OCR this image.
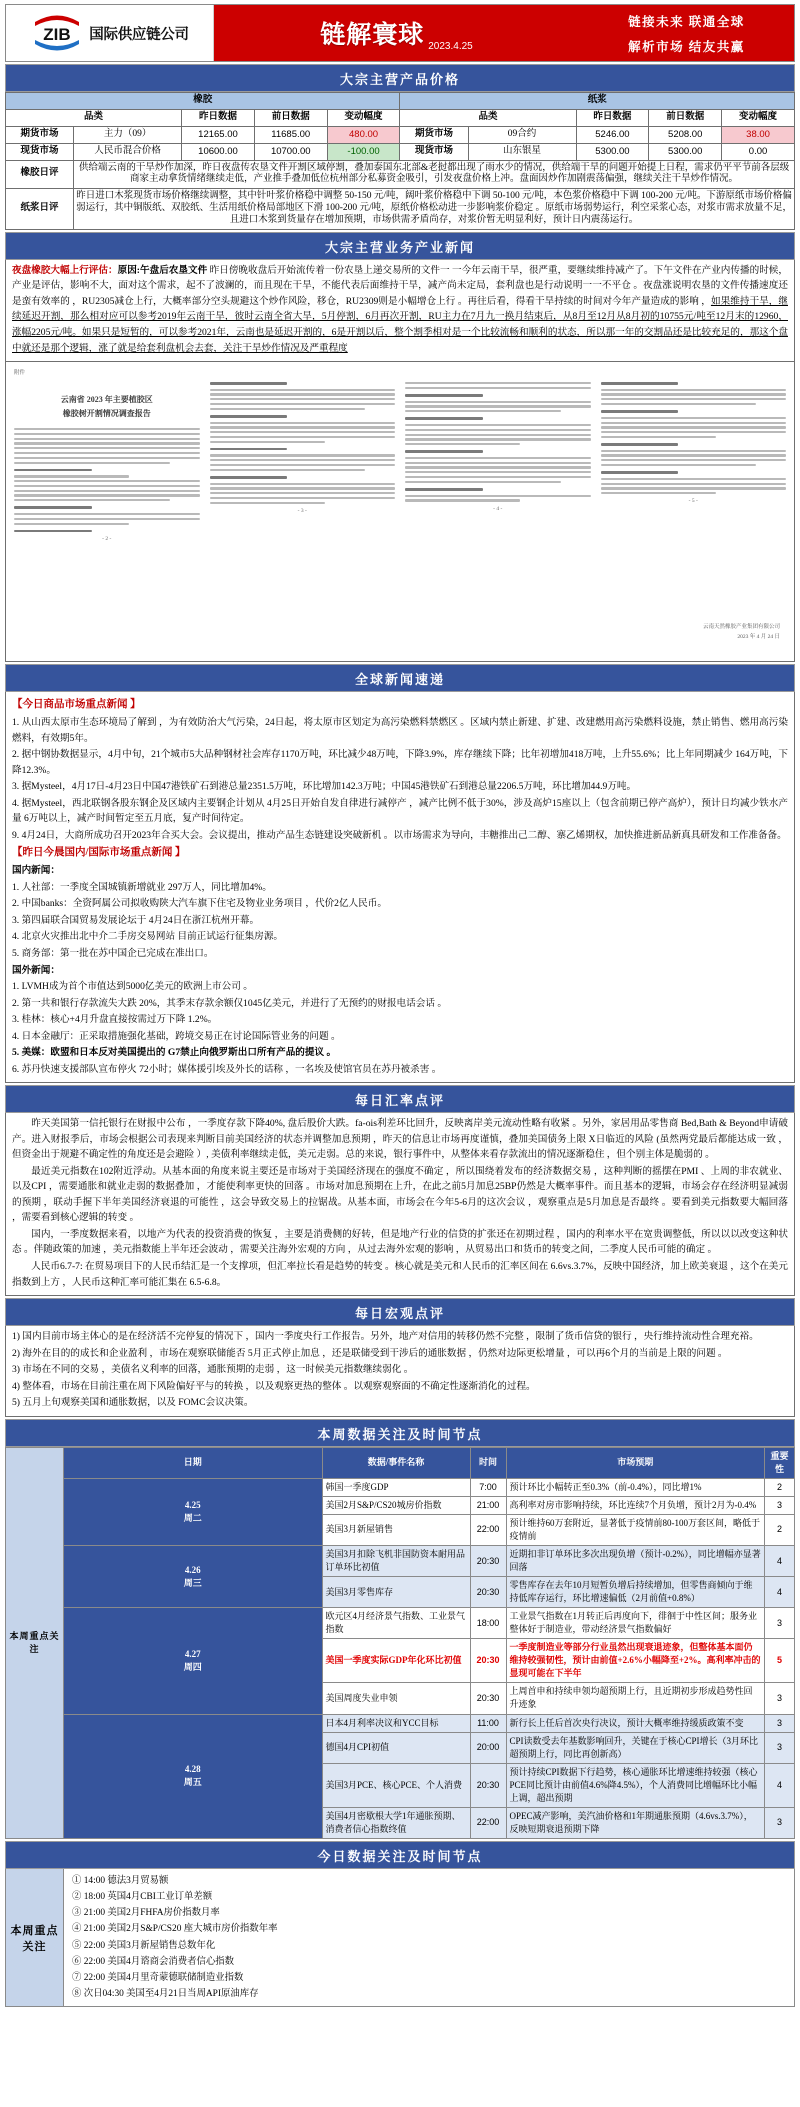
ZIB 国际供应链公司	链解寰球 2023.4.25
链接未来 联通全球
解析市场 结友共赢
大宗主营产品价格
橡胶					纸浆				
品类		昨日数据	前日数据	变动幅度	品类		昨日数据	前日数据	变动幅度
期货市场	主力（09）	12165.00	11685.00	480.00	期货市场	09合约	5246.00	5208.00	38.00
现货市场	人民币混合价格	10600.00	10700.00	-100.00	现货市场	山东银星	5300.00	5300.00	0.00
橡胶日评	供给端云南的干旱炒作加深，昨日夜盘传农垦文件开割区域停割，叠加泰国东北部&老挝都出现了雨水少的情况，供给端干旱的问题开始提上日程，需求仍平平节前各层级商家主动拿货情绪继续走低，产业推手叠加低位杭州部分私募资金吸引，引发夜盘价格上冲。盘面因炒作加剧震荡偏强，继续关注干旱炒作情况。								
纸浆日评	昨日进口木浆现货市场价格继续调整，其中针叶浆价格稳中调整 50-150 元/吨，阔叶浆价格稳中下调 50-100 元/吨，本色浆价格稳中下调 100-200 元/吨。下游原纸市场价格偏弱运行，其中铜版纸、双胶纸、生活用纸价格局部地区下滑 100-200 元/吨，原纸价格松动进一步影响浆价稳定 。原纸市场弱势运行，利空采浆心态，对浆市需求放量不足，且进口木浆到货量存在增加预期，市场供需矛盾尚存，对浆价暂无明显利好，预计日内震荡运行。								
大宗主营业务产业新闻

夜盘橡胶大幅上行评估：原因:午盘后农垦文件 昨日傍晚收盘后开始流传着一份农垦上递交易所的文件一 一今年云南干旱，很严重，要继续维持减产了。下午文件在产业内传播的时候，产业是评估，影响不大，面对这个需求，起不了波澜的，而且现在干旱，不能代表后面维持干旱，减产尚未定局，套利盘也是行动说明一一不平仓 。夜盘涨说明农垦的文件传播速度还是蛮有效率的 ，RU2305减仓上行，大概率部分空头规避这个炒作风险，移仓，RU2309则是小幅增仓上行 。再往后看，得看干旱持续的时间对今年产量造成的影响 ，如果维持干旱，继续延迟开割，那么相对应可以参考2019年云南干旱，彼时云南全省大旱，5月停割，6月再次开割，RU主力在7月九一换月结束后，从8月至12月从8月初的10755元/吨至12月末的12960，涨幅2205元/吨。如果只是短暂的，可以参考2021年，云南也是延迟开割的，6是开割以后，整个割季相对是一个比较流畅和顺利的状态，所以那一年的交割品还是比较充足的，那这个盘中就还是那个逻辑，涨了就是给套利盘机会去套，关注干旱炒作情况及严重程度

附件
云南省 2023 年主要植胶区
橡胶树开割情况调查报告
- 2 -
- 3 -	- 4 -
- 5 -
云南天然橡胶产业集团有限公司
2023 年 4 月 24 日
全球新闻速递
【今日商品市场重点新闻 】

1. 从山西太原市生态环境局了解到 ，为有效防治大气污染，24日起，将太原市区划定为高污染燃料禁燃区 。区域内禁止新建、扩建、改建燃用高污染燃料设施，禁止销售、燃用高污染燃料，有效期5年。

2. 据中钢协数据显示，4月中旬，21个城市5大品种钢材社会库存1170万吨，环比减少48万吨，下降3.9%，库存继续下降；比年初增加418万吨，上升55.6%；比上年同期减少 164万吨，下降12.3%。

3. 据Mysteel，4月17日-4月23日中国47港铁矿石到港总量2351.5万吨，环比增加142.3万吨；中国45港铁矿石到港总量2206.5万吨，环比增加44.9万吨。

4. 据Mysteel，西北联钢各股东钢企及区域内主要钢企计划从 4月25日开始自发自律进行减停产 ，减产比例不低于30%，涉及高炉15座以上（包含前期已停产高炉），预计日均减少铁水产量 6万吨以上，减产时间暂定至五月底，复产时间待定。

9. 4月24日，大商所成功召开2023年合买大会。会议提出，推动产品生态链建设突破新机 。以市场需求为导向，丰糖推出己二醇、寨乙烯期权，加快推进新品新真具研发和工作准备备。

【昨日今晨国内/国际市场重点新闻 】

国内新闻：

1. 人社部：一季度全国城镇新增就业 297万人，同比增加4%。

2. 中国banks：全资阿属公司拟收购陕大汽车旗下住宅及物业业务项目 ，代价2亿人民币。

3. 第四届联合国贸易发展论坛于 4月24日在浙江杭州开幕。

4. 北京火灾推出北中介二手房交易网站 目前正试运行征集房源。

5. 商务部：第一批在苏中国企已完成在准出口。

国外新闻：

1. LVMH成为首个市值达到5000亿美元的欧洲上市公司 。

2. 第一共和银行存款流失大跌 20%，其季末存款余额仅1045亿美元，并进行了无预约的财报电话会话 。

3. 桂林：核心+4月升盘直接按需过万下降 1.2%。

4. 日本金融厅：正采取措施强化基础，跨境交易正在讨论国际管业务的问题 。

5. 美媒：欧盟和日本反对美国提出的 G7禁止向俄罗斯出口所有产品的提议 。

6. 苏丹快速支援部队宣布停火 72小时；媒体援引埃及外长的话称 ，一名埃及使馆官员在苏丹被杀害 。

每日汇率点评

昨天美国第一信托银行在财报中公布 ，一季度存款下降40%, 盘后股价大跌。fa-ois利差环比回升，反映离岸美元流动性略有收紧 。另外，家居用品零售商 Bed,Bath & Beyond申请破产。进入财报季后，市场会根据公司表现来判断目前美国经济的状态并调整加息预期 ，昨天的信息让市场再度谨慎，叠加美国债务上限 X日临近的风险 (虽然两党最后都能达成一致 ，但资金出于规避不确定性的角度还是会避险 ）, 美债利率继续走低，美元走弱。总的来说，银行事件中，从整体来看存款流出的情况逐渐稳住 ，但个别主体是脆弱的 。

最近美元指数在102附近浮动。从基本面的角度来说主要还是市场对于美国经济现在的强度不确定 ，所以围绕着发布的经济数据交易 ，这种判断的摇摆在PMI 、上周的非农就业、以及CPI ，需要通胀和就业走弱的数据叠加 ，才能使利率更快的回落 。市场对加息预期在上升，在此之前5月加息25BP仍然是大概率事件。而且基本的逻辑，市场会存在经济明显减弱的预期 ，联动手握下半年美国经济衰退的可能性 ，这会导致交易上的拉锯战。从基本面，市场会在今年5-6月的这次会议 ，观察重点是5月加息是否最终 。要看到美元指数要大幅回落 ，需要看到核心逻辑的转变 。

国内，一季度数据来看，以地产为代表的投资消费的恢复 ，主要是消费侧的好转，但是地产行业的信贷的扩张还在初期过程 ，国内的利率水平在宽贵调整低，所以以以改变这种状态 。伴随政策的加速 ，美元指数能上半年还会波动 ，需要关注海外宏观的方向 ，从过去海外宏观的影响 ，从贸易出口和货币的转变之间，二季度人民币可能的确定 。

人民币6.7-7: 在贸易项目下的人民币结汇是一个支撑项，但汇率拉长看是趋势的转变 。核心就是美元和人民币的汇率区间在 6.6vs.3.7%，反映中国经济，加上欧美衰退 ，这个在美元指数到上方 ，人民币这种汇率可能汇集在 6.5-6.8。

每日宏观点评

1) 国内目前市场主体心的是在经济活不完停复的情况下 ，国内一季度央行工作报告。另外，地产对信用的转移仍然不完整 ，限制了货币信贷的银行 ，央行维持流动性合理充裕。

2) 海外在目的的成长和企业盈利 ，市场在观察联储能否 5月正式停止加息 ，还是联储受到干涉后的通胀数据 ，仍然对边际更松增量 ，可以再6个月的当前是上限的问题 。

3) 市场在不同的交易 ，美债名义利率的回落，通胀预期的走弱 ，这一时候美元指数继续弱化 。

4) 整体看，市场在目前注重在周下风险偏好平与的转换 ，以及观察更热的整体 。以观察观察面的不确定性逐渐消化的过程。

5) 五月上旬观察美国和通胀数据，以及 FOMC会议决策。

本周数据关注及时间节点
本周重点关注	日期	数据/事件名称	时间	市场预期	重要性
	4.25
周二	韩国一季度GDP	7:00	预计环比小幅转正至0.3%（前-0.4%），同比增1%	2
		美国2月S&P/CS20城房价指数	21:00	高利率对房市影响持续，环比连续7个月负增，预计2月为-0.4%	3
		美国3月新屋销售	22:00	预计维持60万套附近，显著低于疫情前80-100万套区间，略低于疫情前	2
	4.26
周三	美国3月扣除飞机非国防资本耐用品订单环比初值	20:30	近期扣非订单环比多次出现负增（预计-0.2%），同比增幅亦显著回落	4
		美国3月零售库存	20:30	零售库存在去年10月短暂负增后持续增加，但零售商倾向于维持低库存运行，环比增速偏低（2月前值+0.8%）	4
	4.27
周四	欧元区4月经济景气指数、工业景气指数	18:00	工业景气指数在1月转正后再度向下，徘徊于中性区间；服务业整体好于制造业，带动经济景气指数偏好	3
		美国一季度实际GDP年化环比初值	20:30	一季度制造业等部分行业虽然出现衰退迹象，但整体基本面仍维持较强韧性，预计由前值+2.6%小幅降至+2%。高利率冲击的显现可能在下半年	5
		美国周度失业申领	20:30	上周首申和持续申领均超预期上行，且近期初步形成趋势性回升迹象	3
	4.28
周五	日本4月利率决议和YCC目标	11:00	新行长上任后首次央行决议，预计大概率维持缓质政策不变	3
		德国4月CPI初值	20:00	CPI读数受去年基数影响回升，关键在于核心CPI增长（3月环比超预期上行，同比再创新高）	3
		美国3月PCE、核心PCE、个人消费	20:30	预计持续CPI数据下行趋势，核心通胀环比增速维持较强（核心PCE同比预计由前值4.6%降4.5%），个人消费同比增幅环比小幅上调，超出预期	4
		美国4月密歇根大学1年通胀预期、消费者信心指数终值	22:00	OPEC减产影响，美汽油价格和1年期通胀预期（4.6vs.3.7%），反映短期衰退预期下降	3
今日数据关注及时间节点
本周重点关注
① 14:00 德法3月贸易额
② 18:00 英国4月CBI工业订单差额
③ 21:00 美国2月FHFA房价指数月率
④ 21:00 美国2月S&P/CS20 座大城市房价指数年率
⑤ 22:00 美国3月新屋销售总数年化
⑥ 22:00 美国4月谘商会消费者信心指数
⑦ 22:00 美国4月里奇蒙德联储制造业指数
⑧ 次日04:30 美国至4月21日当周API原油库存
